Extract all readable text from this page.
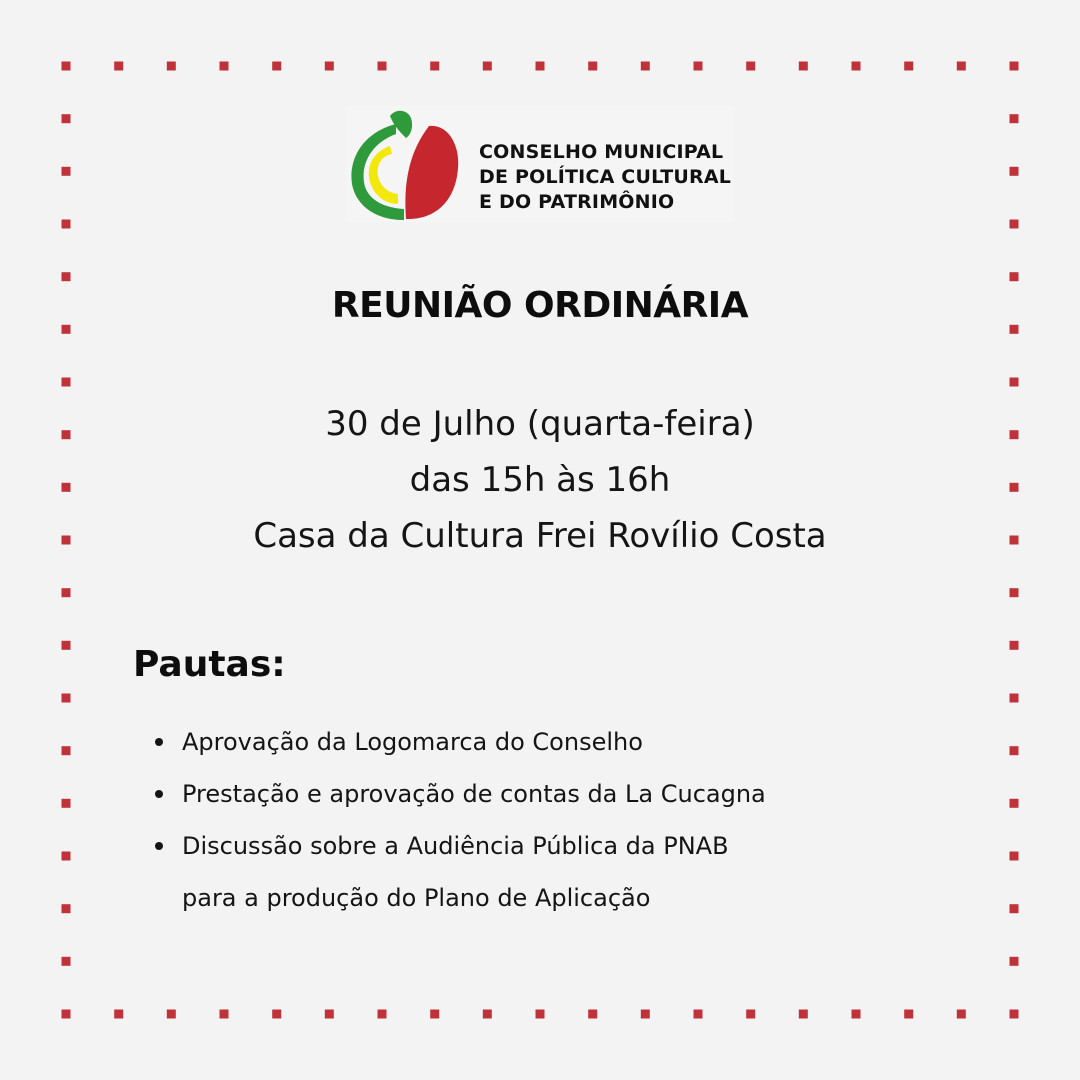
CONSELHO MUNICIPAL
DE POLÍTICA CULTURAL
E DO PATRIMÔNIO
REUNIÃO ORDINÁRIA
30 de Julho (quarta-feira)
das 15h às 16h
Casa da Cultura Frei Rovílio Costa
Pautas:
Aprovação da Logomarca do Conselho
Prestação e aprovação de contas da La Cucagna
Discussão sobre a Audiência Pública da PNAB
para a produção do Plano de Aplicação
